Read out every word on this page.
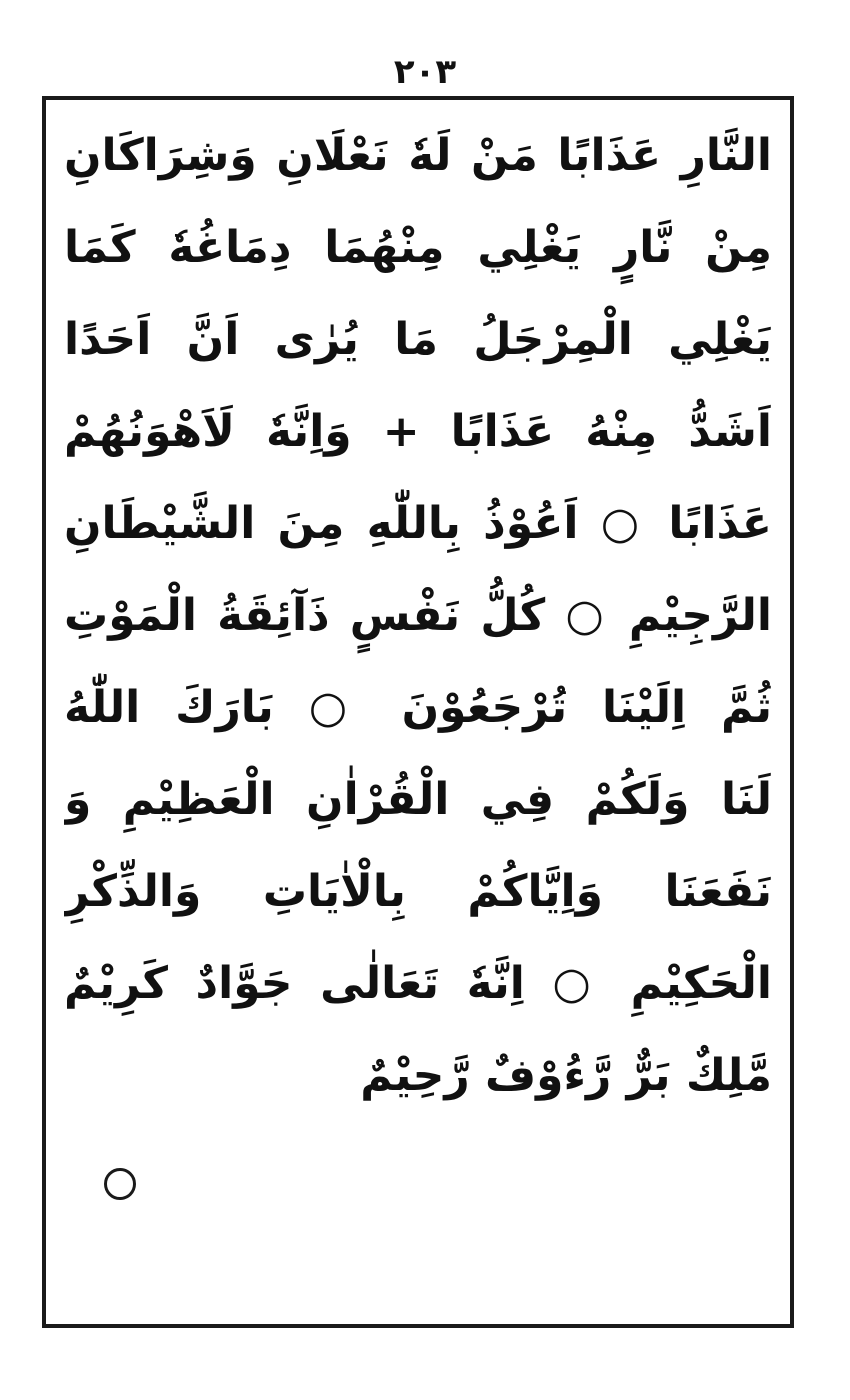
۲۰۳
النَّارِ عَذَابًا مَنْ لَهٗ نَعْلَانِ وَشِرَاكَانِ
مِنْ نَّارٍ يَغْلِي مِنْهُمَا دِمَاغُهٗ كَمَا
يَغْلِي الْمِرْجَلُ مَا يُرٰى اَنَّ اَحَدًا
اَشَدُّ مِنْهُ عَذَابًا + وَاِنَّهٗ لَاَهْوَنُهُمْ
عَذَابًا ○ اَعُوْذُ بِاللّٰهِ مِنَ الشَّيْطَانِ
الرَّجِيْمِ ○ كُلُّ نَفْسٍ ذَآئِقَةُ الْمَوْتِ
ثُمَّ اِلَيْنَا تُرْجَعُوْنَ ○ بَارَكَ اللّٰهُ
لَنَا وَلَكُمْ فِي الْقُرْاٰنِ الْعَظِيْمِ وَ
نَفَعَنَا وَاِيَّاكُمْ بِالْاٰيَاتِ وَالذِّكْرِ
الْحَكِيْمِ ○ اِنَّهٗ تَعَالٰى جَوَّادٌ كَرِيْمٌ
مَّلِكٌ بَرٌّ رَّءُوْفٌ رَّحِيْمٌ
